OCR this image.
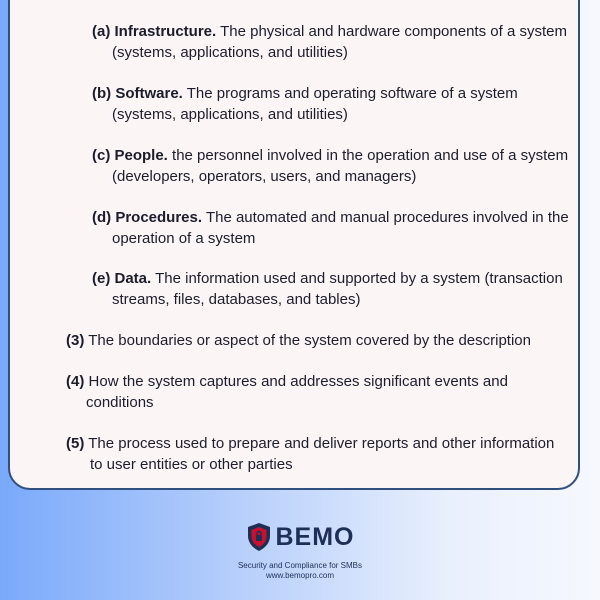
(a) Infrastructure. The physical and hardware components of a system
(systems, applications, and utilities)
(b) Software. The programs and operating software of a system
(systems, applications, and utilities)
(c) People. the personnel involved in the operation and use of a system
(developers, operators, users, and managers)
(d) Procedures. The automated and manual procedures involved in the
operation of a system
(e) Data. The information used and supported by a system (transaction
streams, files, databases, and tables)
(3) The boundaries or aspect of the system covered by the description
(4) How the system captures and addresses significant events and
conditions
(5) The process used to prepare and deliver reports and other information
to user entities or other parties
BEMO
Security and Compliance for SMBs
www.bemopro.com
